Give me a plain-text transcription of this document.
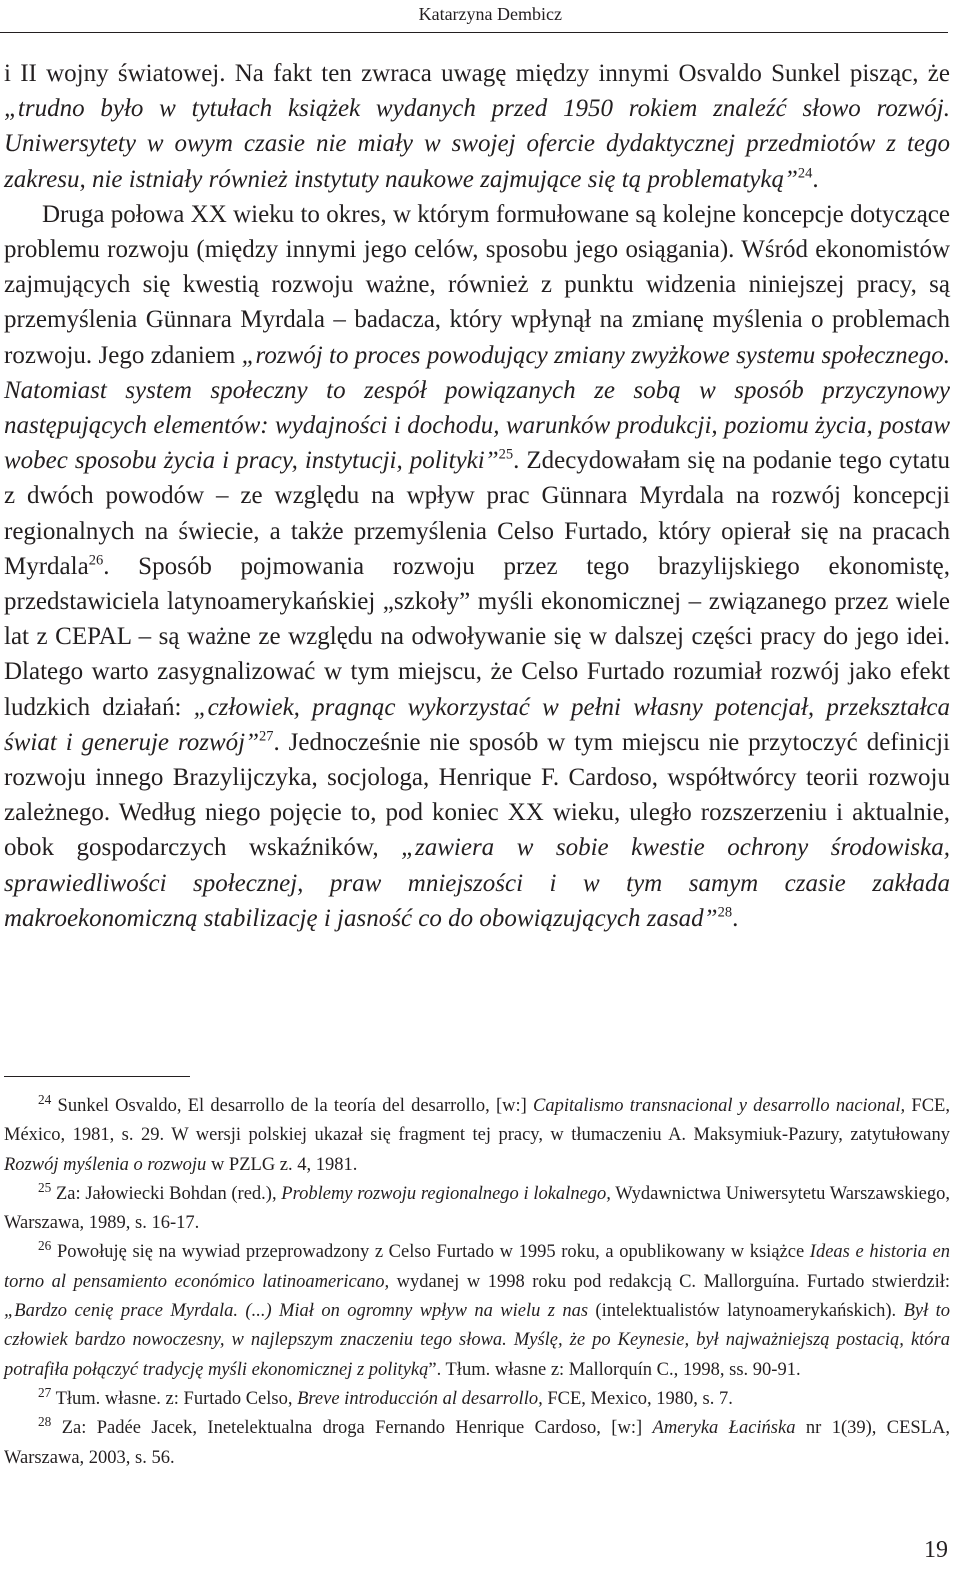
Katarzyna Dembicz

i II wojny światowej. Na fakt ten zwraca uwagę między innymi Osvaldo Sunkel pisząc, że „trudno było w tytułach książek wydanych przed 1950 rokiem znaleźć słowo rozwój. Uniwersytety w owym czasie nie miały w swojej ofercie dydaktycznej przedmiotów z tego zakresu, nie istniały również instytuty naukowe zajmujące się tą problematyką”$^{24}$.

Druga połowa XX wieku to okres, w którym formułowane są kolejne koncepcje dotyczące problemu rozwoju (między innymi jego celów, sposobu jego osiągania). Wśród ekonomistów zajmujących się kwestią rozwoju ważne, również z punktu widzenia niniejszej pracy, są przemyślenia Günnara Myrdala – badacza, który wpłynął na zmianę myślenia o problemach rozwoju. Jego zdaniem „rozwój to proces powodujący zmiany zwyżkowe systemu społecznego. Natomiast system społeczny to zespół powiązanych ze sobą w sposób przyczynowy następujących elementów: wydajności i dochodu, warunków produkcji, poziomu życia, postaw wobec sposobu życia i pracy, instytucji, polityki”$^{25}$. Zdecydowałam się na podanie tego cytatu z dwóch powodów – ze względu na wpływ prac Günnara Myrdala na rozwój koncepcji regionalnych na świecie, a także przemyślenia Celso Furtado, który opierał się na pracach Myrdala$^{26}$. Sposób pojmowania rozwoju przez tego brazylijskiego ekonomistę, przedstawiciela latynoamerykańskiej „szkoły” myśli ekonomicznej – związanego przez wiele lat z CEPAL – są ważne ze względu na odwoływanie się w dalszej części pracy do jego idei. Dlatego warto zasygnalizować w tym miejscu, że Celso Furtado rozumiał rozwój jako efekt ludzkich działań: „człowiek, pragnąc wykorzystać w pełni własny potencjał, przekształca świat i generuje rozwój”$^{27}$. Jednocześnie nie sposób w tym miejscu nie przytoczyć definicji rozwoju innego Brazylijczyka, socjologa, Henrique F. Cardoso, współtwórcy teorii rozwoju zależnego. Według niego pojęcie to, pod koniec XX wieku, uległo rozszerzeniu i aktualnie, obok gospodarczych wskaźników, „zawiera w sobie kwestie ochrony środowiska, sprawiedliwości społecznej, praw mniejszości i w tym samym czasie zakłada makroekonomiczną stabilizację i jasność co do obowiązujących zasad”$^{28}$.

$^{24}$ Sunkel Osvaldo, El desarrollo de la teoría del desarrollo, [w:] Capitalismo transnacional y desarrollo nacional, FCE, México, 1981, s. 29. W wersji polskiej ukazał się fragment tej pracy, w tłumaczeniu A. Maksymiuk-Pazury, zatytułowany Rozwój myślenia o rozwoju w PZLG z. 4, 1981.

$^{25}$ Za: Jałowiecki Bohdan (red.), Problemy rozwoju regionalnego i lokalnego, Wydawnictwa Uniwersytetu Warszawskiego, Warszawa, 1989, s. 16-17.

$^{26}$ Powołuję się na wywiad przeprowadzony z Celso Furtado w 1995 roku, a opublikowany w książce Ideas e historia en torno al pensamiento económico latinoamericano, wydanej w 1998 roku pod redakcją C. Mallorguína. Furtado stwierdził: „Bardzo cenię prace Myrdala. (...) Miał on ogromny wpływ na wielu z nas (intelektualistów latynoamerykańskich). Był to człowiek bardzo nowoczesny, w najlepszym znaczeniu tego słowa. Myślę, że po Keynesie, był najważniejszą postacią, która potrafiła połączyć tradycję myśli ekonomicznej z polityką”. Tłum. własne z: Mallorquín C., 1998, ss. 90-91.

$^{27}$ Tłum. własne. z: Furtado Celso, Breve introducción al desarrollo, FCE, Mexico, 1980, s. 7.

$^{28}$ Za: Padée Jacek, Inetelektualna droga Fernando Henrique Cardoso, [w:] Ameryka Łacińska nr 1(39), CESLA, Warszawa, 2003, s. 56.

19
